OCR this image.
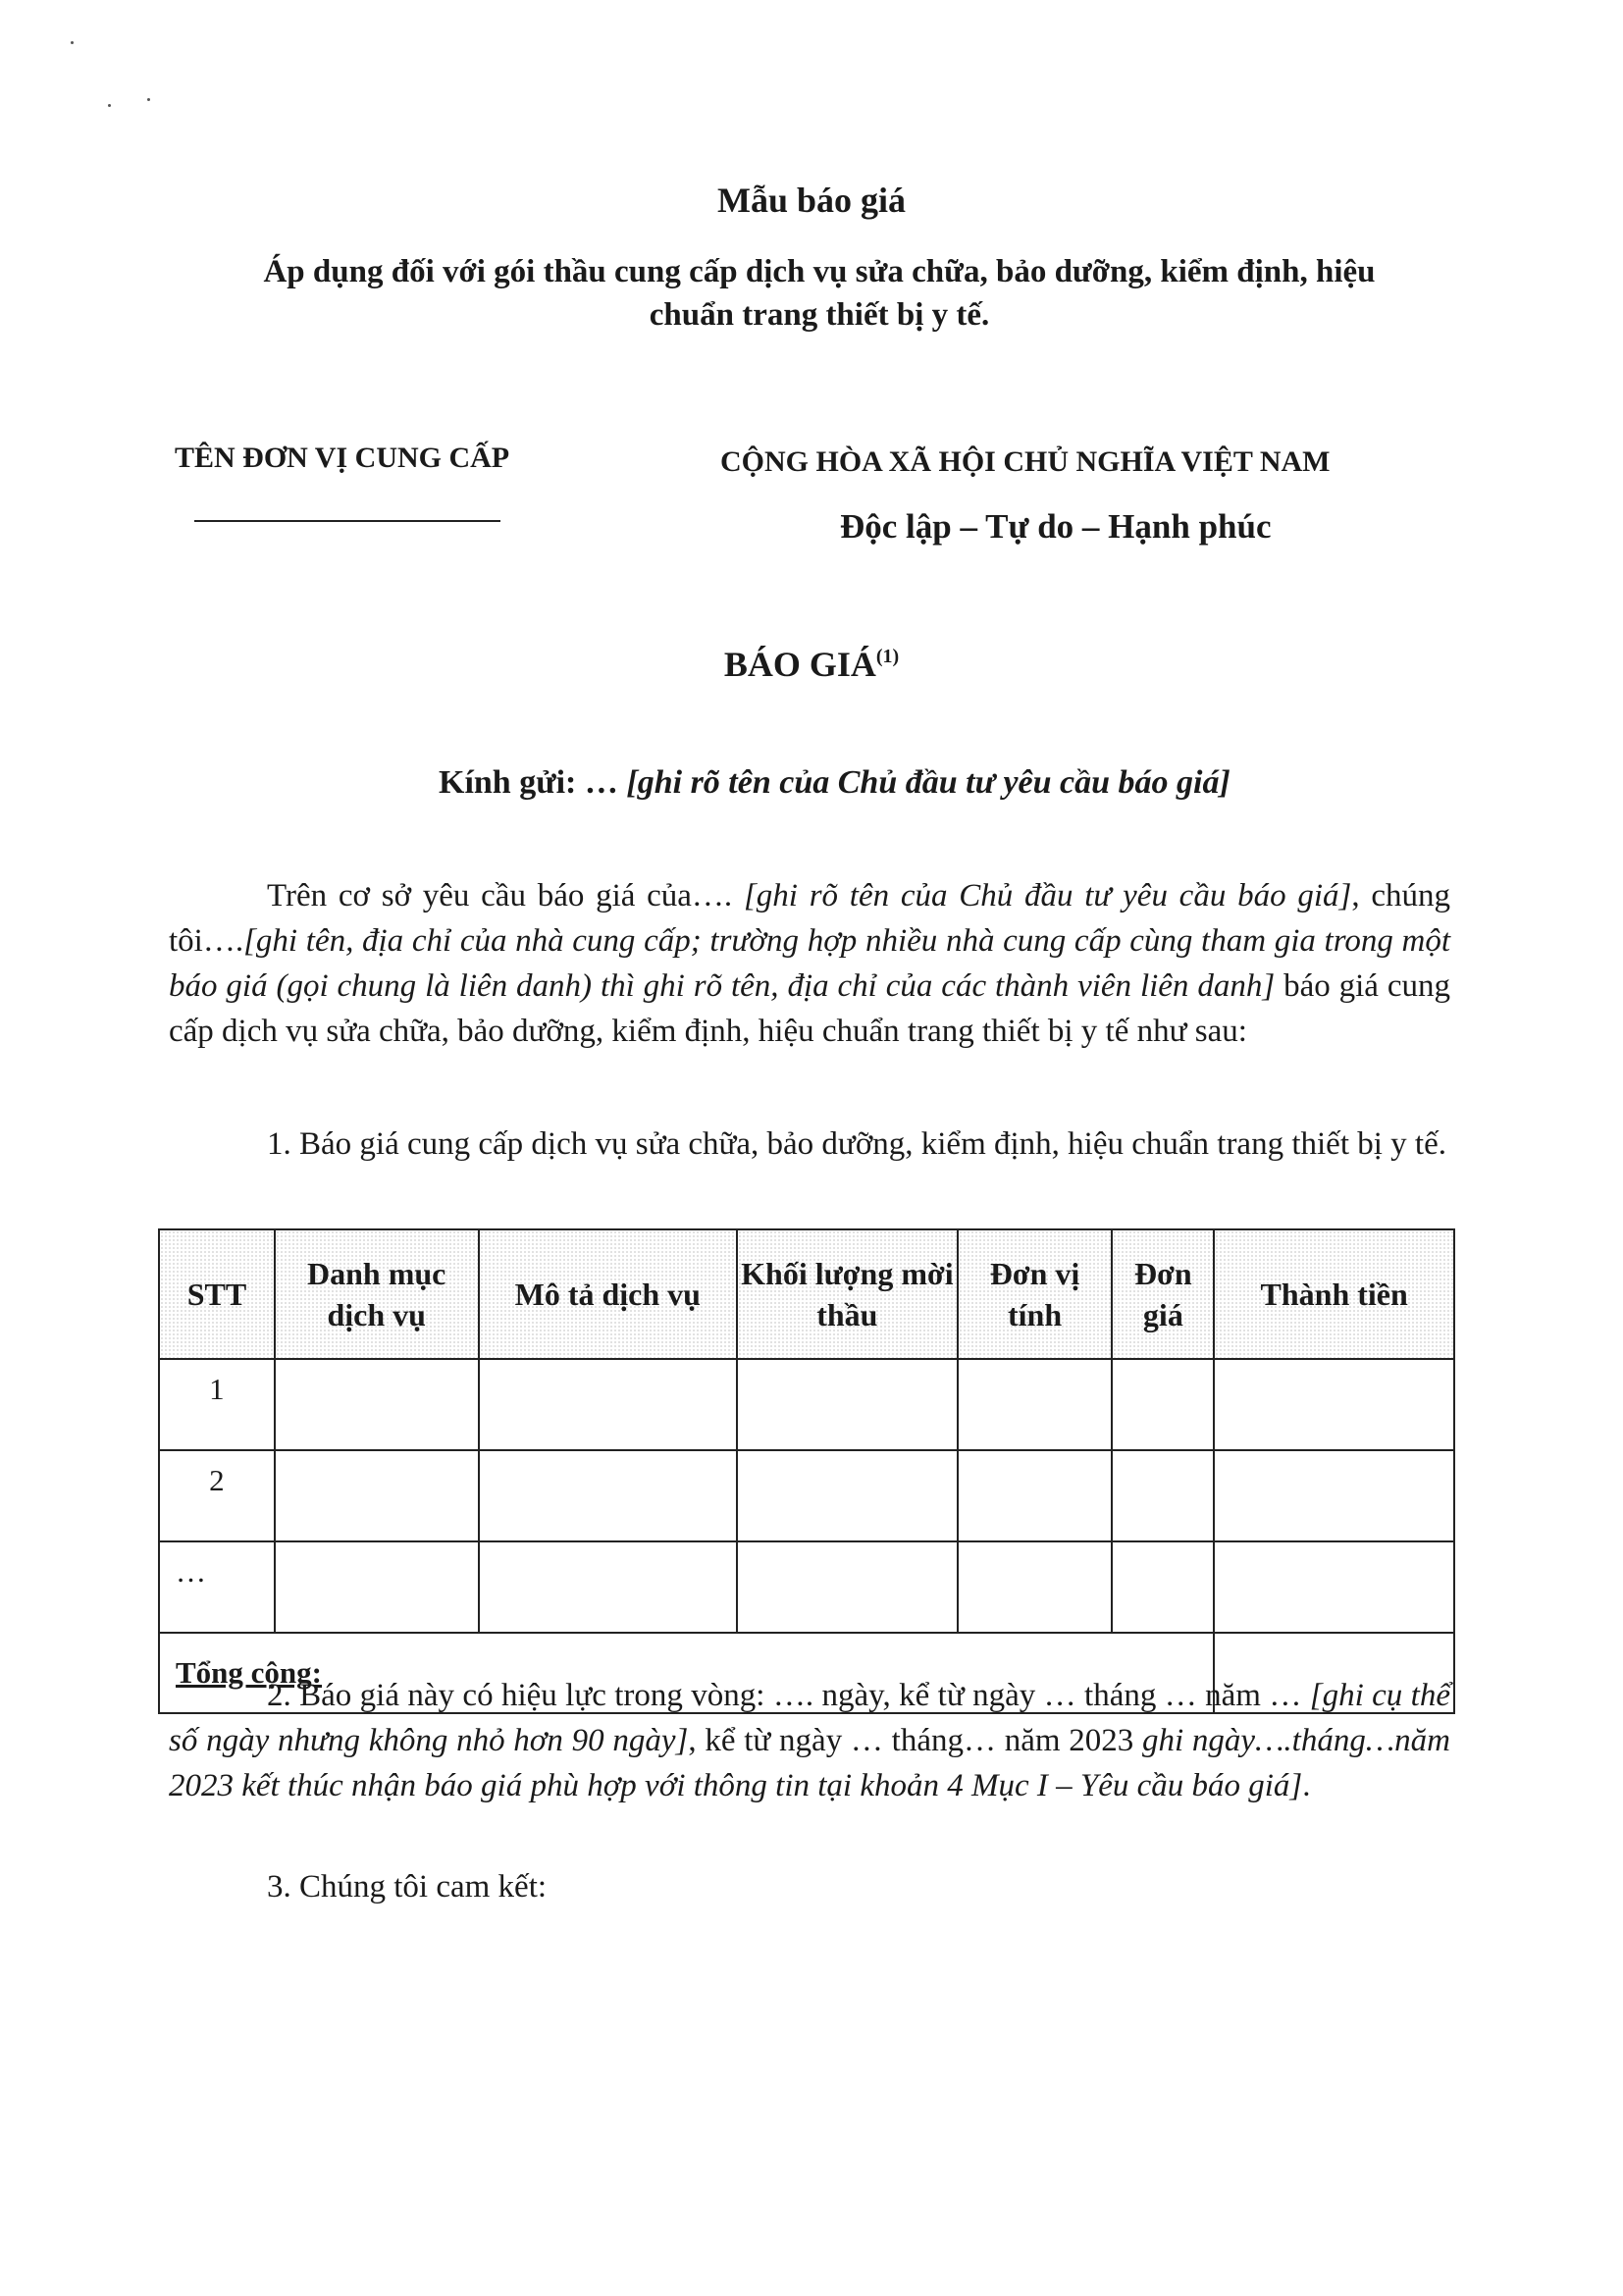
Mẫu báo giá
Áp dụng đối với gói thầu cung cấp dịch vụ sửa chữa, bảo dưỡng, kiểm định, hiệu
chuẩn trang thiết bị y tế.
TÊN ĐƠN VỊ CUNG CẤP	CỘNG HÒA XÃ HỘI CHỦ NGHĨA VIỆT NAM
Độc lập – Tự do – Hạnh phúc
BÁO GIÁ$^{(1)}$
Kính gửi: … [ghi rõ tên của Chủ đầu tư yêu cầu báo giá]
Trên cơ sở yêu cầu báo giá của…. [ghi rõ tên của Chủ đầu tư yêu cầu báo giá], chúng tôi….[ghi tên, địa chỉ của nhà cung cấp; trường hợp nhiều nhà cung cấp cùng tham gia trong một báo giá (gọi chung là liên danh) thì ghi rõ tên, địa chỉ của các thành viên liên danh] báo giá cung cấp dịch vụ sửa chữa, bảo dưỡng, kiểm định, hiệu chuẩn trang thiết bị y tế như sau:
1. Báo giá cung cấp dịch vụ sửa chữa, bảo dưỡng, kiểm định, hiệu chuẩn trang thiết bị y tế.
STT	Danh mục dịch vụ	Mô tả dịch vụ	Khối lượng mời thầu	Đơn vị tính	Đơn giá	Thành tiền
1						
2						
…						
Tổng cộng:						
2. Báo giá này có hiệu lực trong vòng: …. ngày, kể từ ngày … tháng … năm … [ghi cụ thể số ngày nhưng không nhỏ hơn 90 ngày], kể từ ngày … tháng… năm 2023 ghi ngày….tháng…năm 2023 kết thúc nhận báo giá phù hợp với thông tin tại khoản 4 Mục I – Yêu cầu báo giá].
3. Chúng tôi cam kết:
